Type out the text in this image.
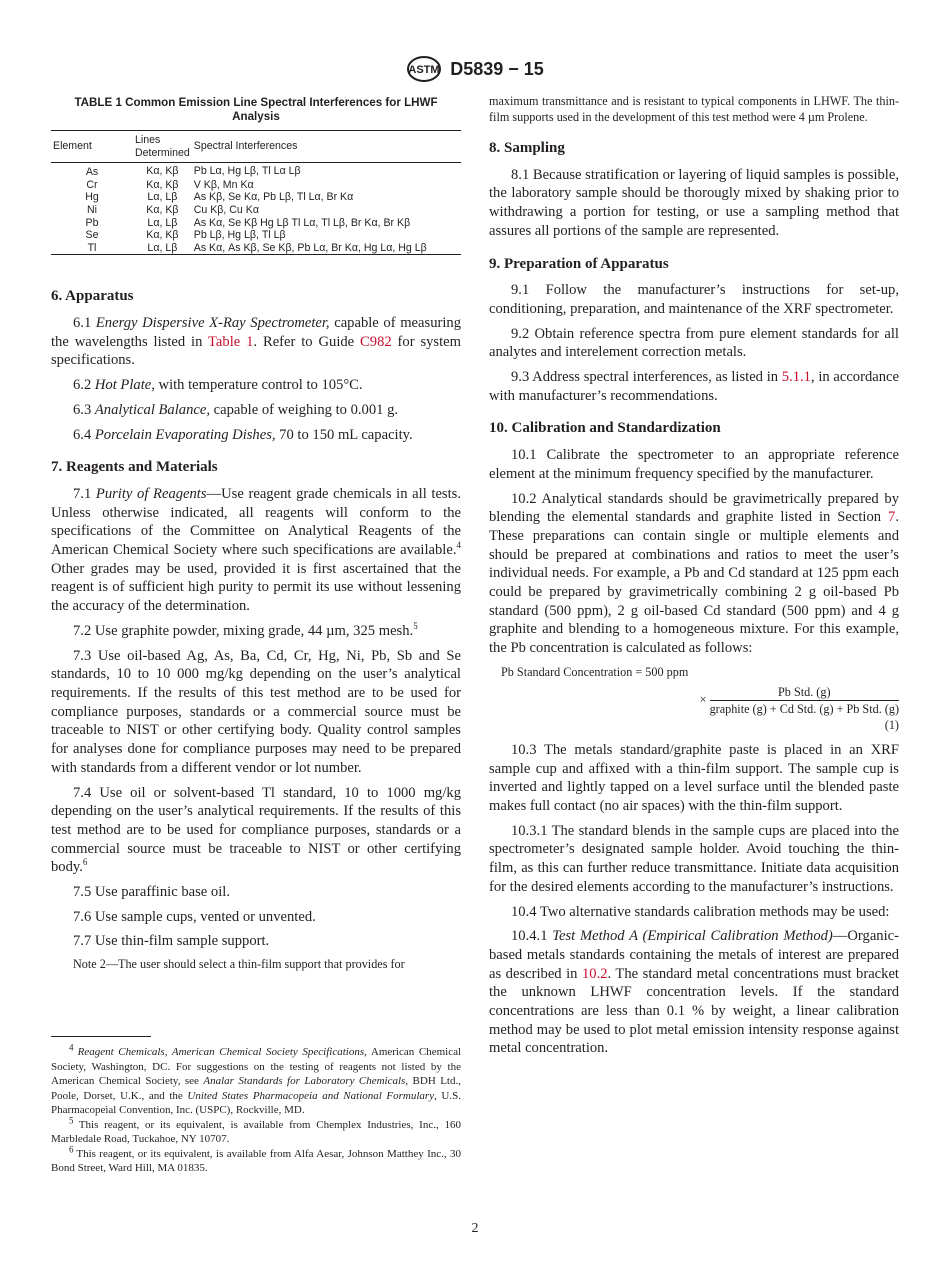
ASTM D5839 − 15
TABLE 1 Common Emission Line Spectral Interferences for LHWF Analysis
Element	Lines Determined	Spectral Interferences
As	Kα, Kβ	Pb Lα, Hg Lβ, Tl Lα Lβ
Cr	Kα, Kβ	V Kβ, Mn Kα
Hg	Lα, Lβ	As Kβ, Se Kα, Pb Lβ, Tl Lα, Br Kα
Ni	Kα, Kβ	Cu Kβ, Cu Kα
Pb	Lα, Lβ	As Kα, Se Kβ Hg Lβ Tl Lα, Tl Lβ, Br Kα, Br Kβ
Se	Kα, Kβ	Pb Lβ, Hg Lβ, Tl Lβ
Tl	Lα, Lβ	As Kα, As Kβ, Se Kβ, Pb Lα, Br Kα, Hg Lα, Hg Lβ
6. Apparatus

6.1 Energy Dispersive X-Ray Spectrometer, capable of measuring the wavelengths listed in Table 1. Refer to Guide C982 for system specifications.

6.2 Hot Plate, with temperature control to 105°C.

6.3 Analytical Balance, capable of weighing to 0.001 g.

6.4 Porcelain Evaporating Dishes, 70 to 150 mL capacity.

7. Reagents and Materials

7.1 Purity of Reagents—Use reagent grade chemicals in all tests. Unless otherwise indicated, all reagents will conform to the specifications of the Committee on Analytical Reagents of the American Chemical Society where such specifications are available.$^4$ Other grades may be used, provided it is first ascertained that the reagent is of sufficient high purity to permit its use without lessening the accuracy of the determination.

7.2 Use graphite powder, mixing grade, 44 µm, 325 mesh.$^5$

7.3 Use oil-based Ag, As, Ba, Cd, Cr, Hg, Ni, Pb, Sb and Se standards, 10 to 10 000 mg/kg depending on the user’s analytical requirements. If the results of this test method are to be used for compliance purposes, standards or a commercial source must be traceable to NIST or other certifying body. Quality control samples for analyses done for compliance purposes may need to be prepared with standards from a different vendor or lot number.

7.4 Use oil or solvent-based Tl standard, 10 to 1000 mg/kg depending on the user’s analytical requirements. If the results of this test method are to be used for compliance purposes, standards or a commercial source must be traceable to NIST or other certifying body.$^6$

7.5 Use paraffinic base oil.

7.6 Use sample cups, vented or unvented.

7.7 Use thin-film sample support.

Note 2—The user should select a thin-film support that provides for

$^4$ Reagent Chemicals, American Chemical Society Specifications, American Chemical Society, Washington, DC. For suggestions on the testing of reagents not listed by the American Chemical Society, see Analar Standards for Laboratory Chemicals, BDH Ltd., Poole, Dorset, U.K., and the United States Pharmacopeia and National Formulary, U.S. Pharmacopeial Convention, Inc. (USPC), Rockville, MD.

$^5$ This reagent, or its equivalent, is available from Chemplex Industries, Inc., 160 Marbledale Road, Tuckahoe, NY 10707.

$^6$ This reagent, or its equivalent, is available from Alfa Aesar, Johnson Matthey Inc., 30 Bond Street, Ward Hill, MA 01835.

maximum transmittance and is resistant to typical components in LHWF. The thin-film supports used in the development of this test method were 4 µm Prolene.

8. Sampling

8.1 Because stratification or layering of liquid samples is possible, the laboratory sample should be thorougly mixed by shaking prior to withdrawing a portion for testing, or use a sampling method that assures all portions of the sample are represented.

9. Preparation of Apparatus

9.1 Follow the manufacturer’s instructions for set-up, conditioning, preparation, and maintenance of the XRF spectrometer.

9.2 Obtain reference spectra from pure element standards for all analytes and interelement correction metals.

9.3 Address spectral interferences, as listed in 5.1.1, in accordance with manufacturer’s recommendations.

10. Calibration and Standardization

10.1 Calibrate the spectrometer to an appropriate reference element at the minimum frequency specified by the manufacturer.

10.2 Analytical standards should be gravimetrically prepared by blending the elemental standards and graphite listed in Section 7. These preparations can contain single or multiple elements and should be prepared at combinations and ratios to meet the user’s individual needs. For example, a Pb and Cd standard at 125 ppm each could be prepared by gravimetrically combining 2 g oil-based Pb standard (500 ppm), 2 g oil-based Cd standard (500 ppm) and 4 g graphite and blending to a homogeneous mixture. For this example, the Pb concentration is calculated as follows:

Pb Standard Concentration = 500 ppm
× $\frac{\text{Pb Std. (g)}}{\text{graphite (g) + Cd Std. (g) + Pb Std. (g)}}$
(1)

10.3 The metals standard/graphite paste is placed in an XRF sample cup and affixed with a thin-film support. The sample cup is inverted and lightly tapped on a level surface until the blended paste makes full contact (no air spaces) with the thin-film support.

10.3.1 The standard blends in the sample cups are placed into the spectrometer’s designated sample holder. Avoid touching the thin-film, as this can further reduce transmittance. Initiate data acquisition for the desired elements according to the manufacturer’s instructions.

10.4 Two alternative standards calibration methods may be used:

10.4.1 Test Method A (Empirical Calibration Method)—Organic-based metals standards containing the metals of interest are prepared as described in 10.2. The standard metal concentrations must bracket the unknown LHWF concentration levels. If the standard concentrations are less than 0.1 % by weight, a linear calibration method may be used to plot metal emission intensity response against metal concentration.

2
